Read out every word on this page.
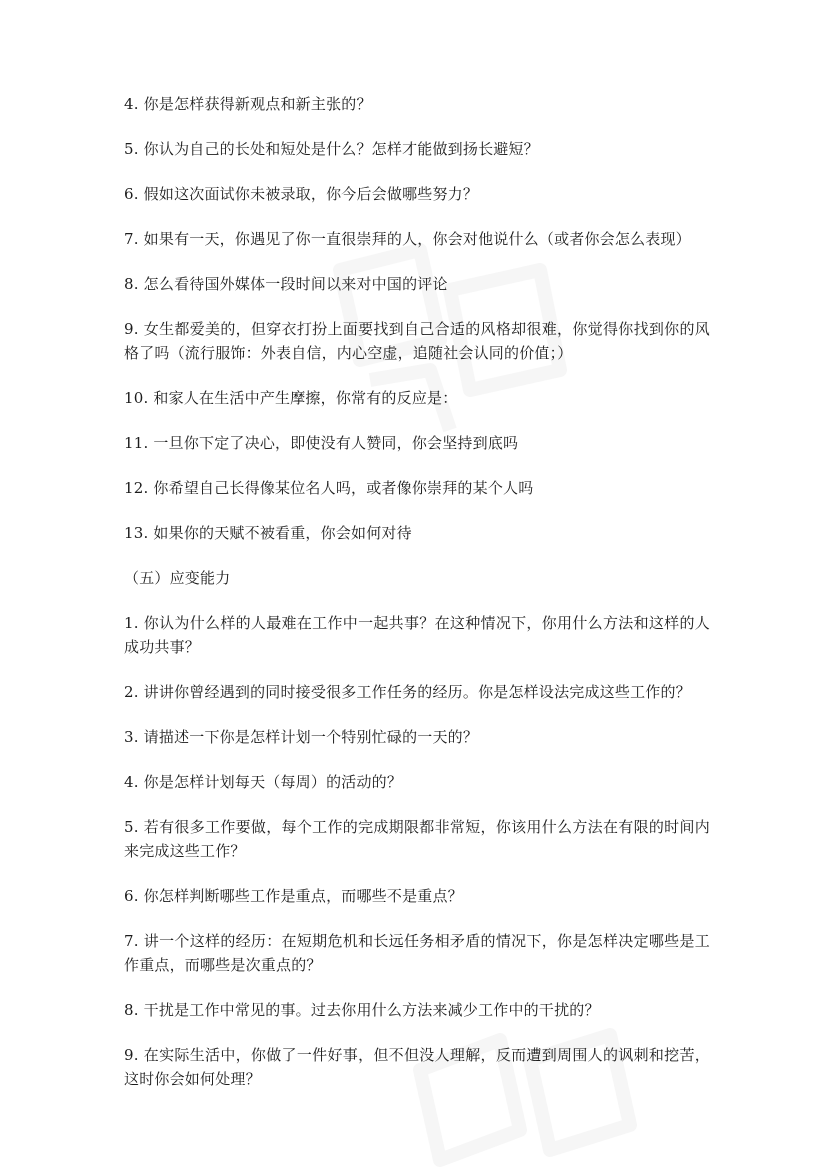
4. 你是怎样获得新观点和新主张的？

5. 你认为自己的长处和短处是什么？怎样才能做到扬长避短？

6. 假如这次面试你未被录取，你今后会做哪些努力？

7. 如果有一天，你遇见了你一直很崇拜的人，你会对他说什么（或者你会怎么表现）

8. 怎么看待国外媒体一段时间以来对中国的评论

9. 女生都爱美的，但穿衣打扮上面要找到自己合适的风格却很难，你觉得你找到你的风格了吗（流行服饰：外表自信，内心空虚，追随社会认同的价值；）

10. 和家人在生活中产生摩擦，你常有的反应是：

11. 一旦你下定了决心，即使没有人赞同，你会坚持到底吗

12. 你希望自己长得像某位名人吗，或者像你崇拜的某个人吗

13. 如果你的天赋不被看重，你会如何对待

（五）应变能力

1. 你认为什么样的人最难在工作中一起共事？在这种情况下，你用什么方法和这样的人成功共事？

2. 讲讲你曾经遇到的同时接受很多工作任务的经历。你是怎样设法完成这些工作的？

3. 请描述一下你是怎样计划一个特别忙碌的一天的？

4. 你是怎样计划每天（每周）的活动的？

5. 若有很多工作要做，每个工作的完成期限都非常短，你该用什么方法在有限的时间内来完成这些工作？

6. 你怎样判断哪些工作是重点，而哪些不是重点？

7. 讲一个这样的经历：在短期危机和长远任务相矛盾的情况下，你是怎样决定哪些是工作重点，而哪些是次重点的？

8. 干扰是工作中常见的事。过去你用什么方法来减少工作中的干扰的？

9. 在实际生活中，你做了一件好事，但不但没人理解，反而遭到周围人的讽刺和挖苦，这时你会如何处理？
